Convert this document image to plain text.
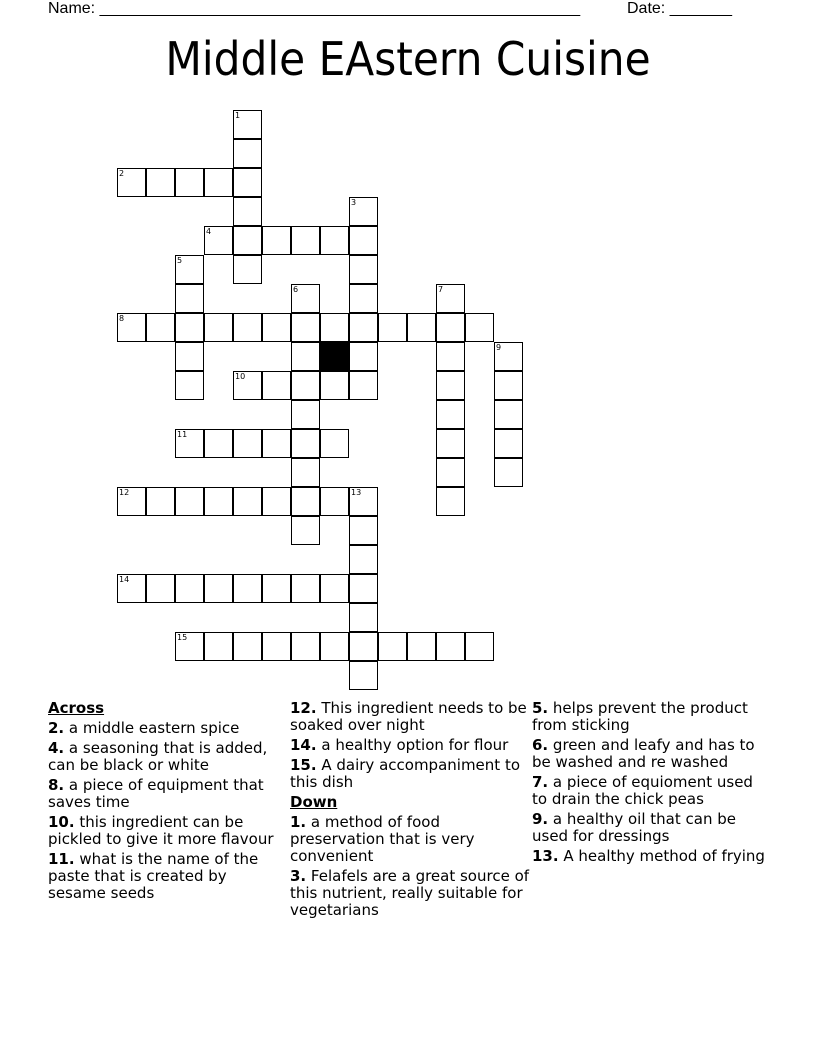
Name: ______________________________________________________	Date: _______
Middle EAstern Cuisine
1
2
3
4
5
6	7
8
9
10
11
12	13
14
15
Across
2. a middle eastern spice
4. a seasoning that is added, can be black or white
8. a piece of equipment that saves time
10. this ingredient can be pickled to give it more flavour
11. what is the name of the paste that is created by sesame seeds
12. This ingredient needs to be soaked over night
14. a healthy option for flour
15. A dairy accompaniment to this dish
Down
1. a method of food preservation that is very convenient
3. Felafels are a great source of this nutrient, really suitable for vegetarians
5. helps prevent the product from sticking
6. green and leafy and has to be washed and re washed
7. a piece of equioment used to drain the chick peas
9. a healthy oil that can be used for dressings
13. A healthy method of frying
